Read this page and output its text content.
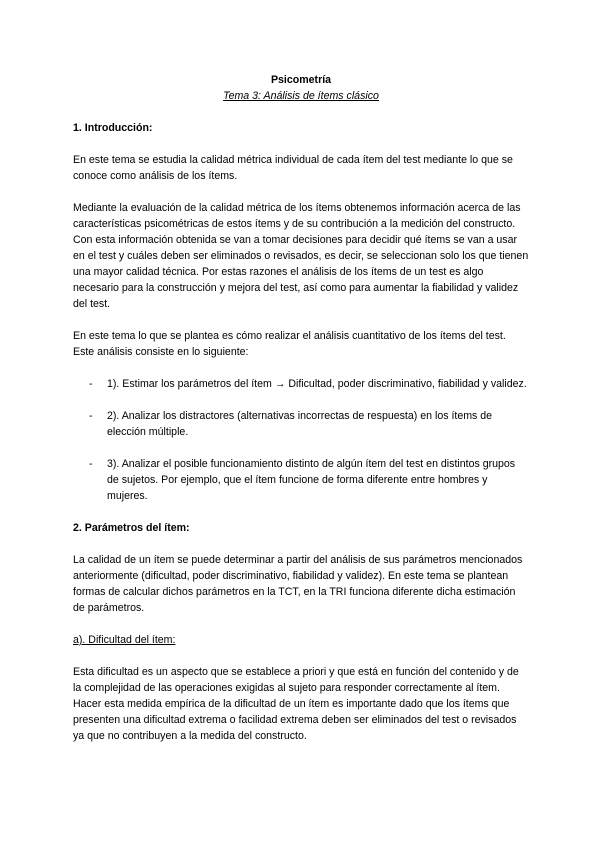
Psicometría
Tema 3: Análisis de ítems clásico
1. Introducción:

En este tema se estudia la calidad métrica individual de cada ítem del test mediante lo que se conoce como análisis de los ítems.

Mediante la evaluación de la calidad métrica de los ítems obtenemos información acerca de las características psicométricas de estos ítems y de su contribución a la medición del constructo. Con esta información obtenida se van a tomar decisiones para decidir qué ítems se van a usar en el test y cuáles deben ser eliminados o revisados, es decir, se seleccionan solo los que tienen una mayor calidad técnica. Por estas razones el análisis de los ítems de un test es algo necesario para la construcción y mejora del test, así como para aumentar la fiabilidad y validez del test.

En este tema lo que se plantea es cómo realizar el análisis cuantitativo de los ítems del test. Este análisis consiste en lo siguiente:

- 1). Estimar los parámetros del ítem → Dificultad, poder discriminativo, fiabilidad y validez.
- 2). Analizar los distractores (alternativas incorrectas de respuesta) en los ítems de elección múltiple.
- 3). Analizar el posible funcionamiento distinto de algún ítem del test en distintos grupos de sujetos. Por ejemplo, que el ítem funcione de forma diferente entre hombres y mujeres.
2. Parámetros del ítem:

La calidad de un ítem se puede determinar a partir del análisis de sus parámetros mencionados anteriormente (dificultad, poder discriminativo, fiabilidad y validez). En este tema se plantean formas de calcular dichos parámetros en la TCT, en la TRI funciona diferente dicha estimación de parámetros.

a). Dificultad del ítem:

Esta dificultad es un aspecto que se establece a priori y que está en función del contenido y de la complejidad de las operaciones exigidas al sujeto para responder correctamente al ítem. Hacer esta medida empírica de la dificultad de un ítem es importante dado que los ítems que presenten una dificultad extrema o facilidad extrema deben ser eliminados del test o revisados ya que no contribuyen a la medida del constructo.
